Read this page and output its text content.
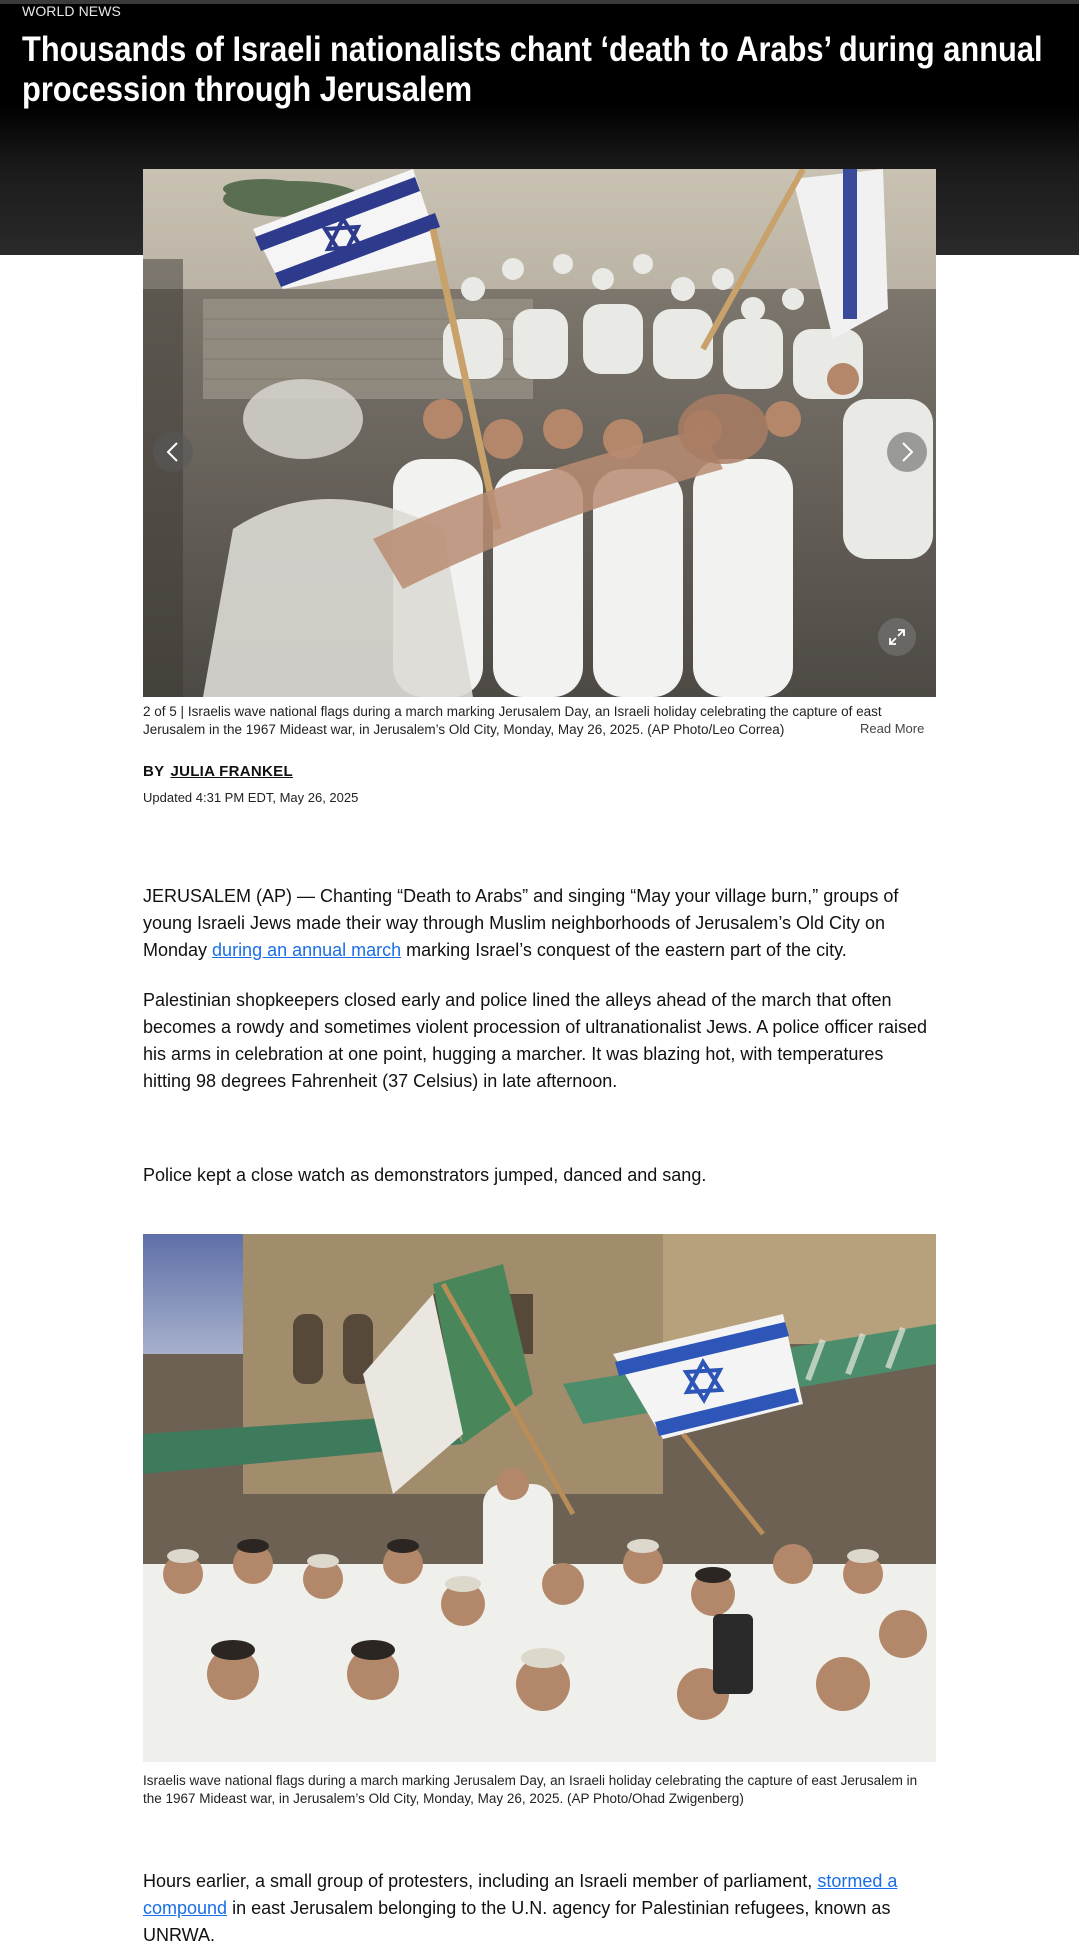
WORLD NEWS
Thousands of Israeli nationalists chant ‘death to Arabs’ during annual procession through Jerusalem
2 of 5 | Israelis wave national flags during a march marking Jerusalem Day, an Israeli holiday celebrating the capture of east Jerusalem in the 1967 Mideast war, in Jerusalem’s Old City, Monday, May 26, 2025. (AP Photo/Leo Correa)	Read More
BY JULIA FRANKEL
Updated 4:31 PM EDT, May 26, 2025

JERUSALEM (AP) — Chanting “Death to Arabs” and singing “May your village burn,” groups of young Israeli Jews made their way through Muslim neighborhoods of Jerusalem’s Old City on Monday during an annual march marking Israel’s conquest of the eastern part of the city.

Palestinian shopkeepers closed early and police lined the alleys ahead of the march that often becomes a rowdy and sometimes violent procession of ultranationalist Jews. A police officer raised his arms in celebration at one point, hugging a marcher. It was blazing hot, with temperatures hitting 98 degrees Fahrenheit (37 Celsius) in late afternoon.

Police kept a close watch as demonstrators jumped, danced and sang.

Israelis wave national flags during a march marking Jerusalem Day, an Israeli holiday celebrating the capture of east Jerusalem in the 1967 Mideast war, in Jerusalem’s Old City, Monday, May 26, 2025. (AP Photo/Ohad Zwigenberg)

Hours earlier, a small group of protesters, including an Israeli member of parliament, stormed a compound in east Jerusalem belonging to the U.N. agency for Palestinian refugees, known as UNRWA.
